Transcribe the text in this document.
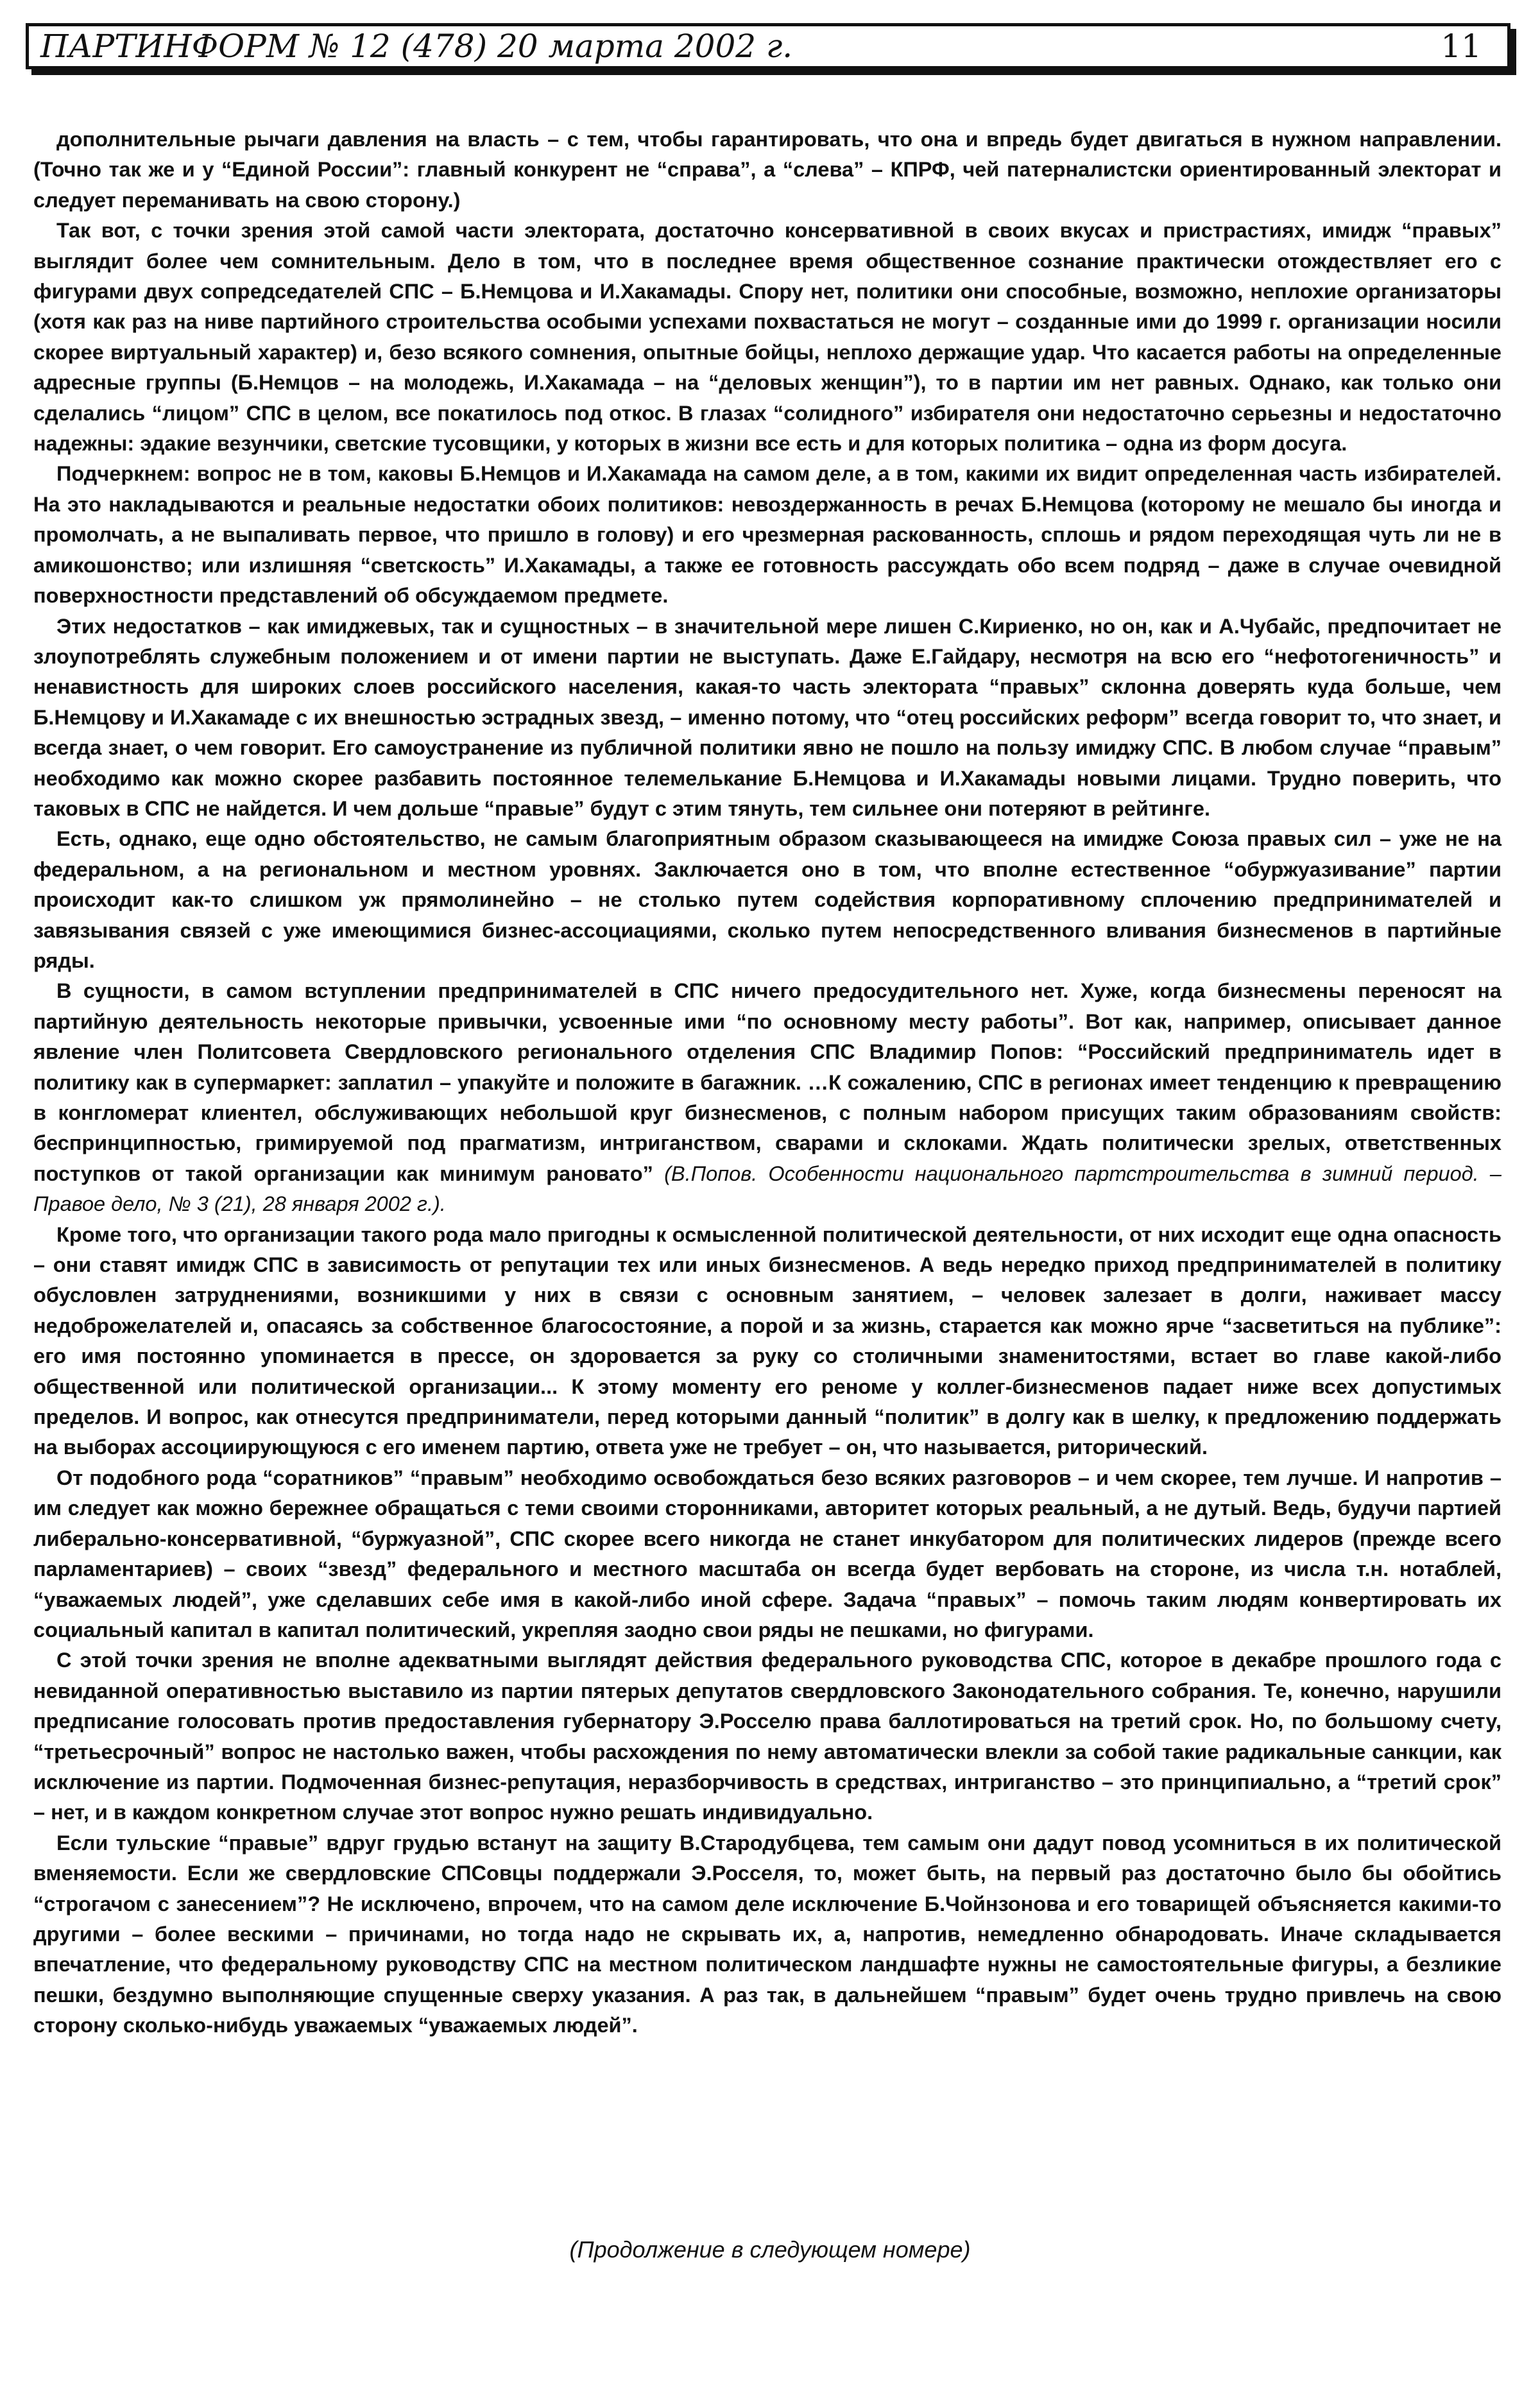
ПАРТИНФОРМ № 12 (478) 20 марта 2002 г.	11

дополнительные рычаги давления на власть – с тем, чтобы гарантировать, что она и впредь будет двигаться в нужном направлении. (Точно так же и у “Единой России”: главный конкурент не “справа”, а “слева” – КПРФ, чей патерналистски ориентированный электорат и следует переманивать на свою сторону.)

Так вот, с точки зрения этой самой части электората, достаточно консервативной в своих вкусах и пристрастиях, имидж “правых” выглядит более чем сомнительным. Дело в том, что в последнее время общественное сознание практически отождествляет его с фигурами двух сопредседателей СПС – Б.Немцова и И.Хакамады. Спору нет, политики они способные, возможно, неплохие организаторы (хотя как раз на ниве партийного строительства особыми успехами похвастаться не могут – созданные ими до 1999 г. организации носили скорее виртуальный характер) и, безо всякого сомнения, опытные бойцы, неплохо держащие удар. Что касается работы на определенные адресные группы (Б.Немцов – на молодежь, И.Хакамада – на “деловых женщин”), то в партии им нет равных. Однако, как только они сделались “лицом” СПС в целом, все покатилось под откос. В глазах “солидного” избирателя они недостаточно серьезны и недостаточно надежны: эдакие везунчики, светские тусовщики, у которых в жизни все есть и для которых политика – одна из форм досуга.

Подчеркнем: вопрос не в том, каковы Б.Немцов и И.Хакамада на самом деле, а в том, какими их видит определенная часть избирателей. На это накладываются и реальные недостатки обоих политиков: невоздержанность в речах Б.Немцова (которому не мешало бы иногда и промолчать, а не выпаливать первое, что пришло в голову) и его чрезмерная раскованность, сплошь и рядом переходящая чуть ли не в амикошонство; или излишняя “светскость” И.Хакамады, а также ее готовность рассуждать обо всем подряд – даже в случае очевидной поверхностности представлений об обсуждаемом предмете.

Этих недостатков – как имиджевых, так и сущностных – в значительной мере лишен С.Кириенко, но он, как и А.Чубайс, предпочитает не злоупотреблять служебным положением и от имени партии не выступать. Даже Е.Гайдару, несмотря на всю его “нефотогеничность” и ненавистность для широких слоев российского населения, какая-то часть электората “правых” склонна доверять куда больше, чем Б.Немцову и И.Хакамаде с их внешностью эстрадных звезд, – именно потому, что “отец российских реформ” всегда говорит то, что знает, и всегда знает, о чем говорит. Его самоустранение из публичной политики явно не пошло на пользу имиджу СПС. В любом случае “правым” необходимо как можно скорее разбавить постоянное телемелькание Б.Немцова и И.Хакамады новыми лицами. Трудно поверить, что таковых в СПС не найдется. И чем дольше “правые” будут с этим тянуть, тем сильнее они потеряют в рейтинге.

Есть, однако, еще одно обстоятельство, не самым благоприятным образом сказывающееся на имидже Союза правых сил – уже не на федеральном, а на региональном и местном уровнях. Заключается оно в том, что вполне естественное “обуржуазивание” партии происходит как-то слишком уж прямолинейно – не столько путем содействия корпоративному сплочению предпринимателей и завязывания связей с уже имеющимися бизнес-ассоциациями, сколько путем непосредственного вливания бизнесменов в партийные ряды.

В сущности, в самом вступлении предпринимателей в СПС ничего предосудительного нет. Хуже, когда бизнесмены переносят на партийную деятельность некоторые привычки, усвоенные ими “по основному месту работы”. Вот как, например, описывает данное явление член Политсовета Свердловского регионального отделения СПС Владимир Попов: “Российский предприниматель идет в политику как в супермаркет: заплатил – упакуйте и положите в багажник. …К сожалению, СПС в регионах имеет тенденцию к превращению в конгломерат клиентел, обслуживающих небольшой круг бизнесменов, с полным набором присущих таким образованиям свойств: беспринципностью, гримируемой под прагматизм, интриганством, сварами и склоками. Ждать политически зрелых, ответственных поступков от такой организации как минимум рановато” (В.Попов. Особенности национального партстроительства в зимний период. – Правое дело, № 3 (21), 28 января 2002 г.).

Кроме того, что организации такого рода мало пригодны к осмысленной политической деятельности, от них исходит еще одна опасность – они ставят имидж СПС в зависимость от репутации тех или иных бизнесменов. А ведь нередко приход предпринимателей в политику обусловлен затруднениями, возникшими у них в связи с основным занятием, – человек залезает в долги, наживает массу недоброжелателей и, опасаясь за собственное благосостояние, а порой и за жизнь, старается как можно ярче “засветиться на публике”: его имя постоянно упоминается в прессе, он здоровается за руку со столичными знаменитостями, встает во главе какой-либо общественной или политической организации... К этому моменту его реноме у коллег-бизнесменов падает ниже всех допустимых пределов. И вопрос, как отнесутся предприниматели, перед которыми данный “политик” в долгу как в шелку, к предложению поддержать на выборах ассоциирующуюся с его именем партию, ответа уже не требует – он, что называется, риторический.

От подобного рода “соратников” “правым” необходимо освобождаться безо всяких разговоров – и чем скорее, тем лучше. И напротив – им следует как можно бережнее обращаться с теми своими сторонниками, авторитет которых реальный, а не дутый. Ведь, будучи партией либерально-консервативной, “буржуазной”, СПС скорее всего никогда не станет инкубатором для политических лидеров (прежде всего парламентариев) – своих “звезд” федерального и местного масштаба он всегда будет вербовать на стороне, из числа т.н. нотаблей, “уважаемых людей”, уже сделавших себе имя в какой-либо иной сфере. Задача “правых” – помочь таким людям конвертировать их социальный капитал в капитал политический, укрепляя заодно свои ряды не пешками, но фигурами.

С этой точки зрения не вполне адекватными выглядят действия федерального руководства СПС, которое в декабре прошлого года с невиданной оперативностью выставило из партии пятерых депутатов свердловского Законодательного собрания. Те, конечно, нарушили предписание голосовать против предоставления губернатору Э.Росселю права баллотироваться на третий срок. Но, по большому счету, “третьесрочный” вопрос не настолько важен, чтобы расхождения по нему автоматически влекли за собой такие радикальные санкции, как исключение из партии. Подмоченная бизнес-репутация, неразборчивость в средствах, интриганство – это принципиально, а “третий срок” – нет, и в каждом конкретном случае этот вопрос нужно решать индивидуально.

Если тульские “правые” вдруг грудью встанут на защиту В.Стародубцева, тем самым они дадут повод усомниться в их политической вменяемости. Если же свердловские СПСовцы поддержали Э.Росселя, то, может быть, на первый раз достаточно было бы обойтись “строгачом с занесением”? Не исключено, впрочем, что на самом деле исключение Б.Чойнзонова и его товарищей объясняется какими-то другими – более вескими – причинами, но тогда надо не скрывать их, а, напротив, немедленно обнародовать. Иначе складывается впечатление, что федеральному руководству СПС на местном политическом ландшафте нужны не самостоятельные фигуры, а безликие пешки, бездумно выполняющие спущенные сверху указания. А раз так, в дальнейшем “правым” будет очень трудно привлечь на свою сторону сколько-нибудь уважаемых “уважаемых людей”.

(Продолжение в следующем номере)
